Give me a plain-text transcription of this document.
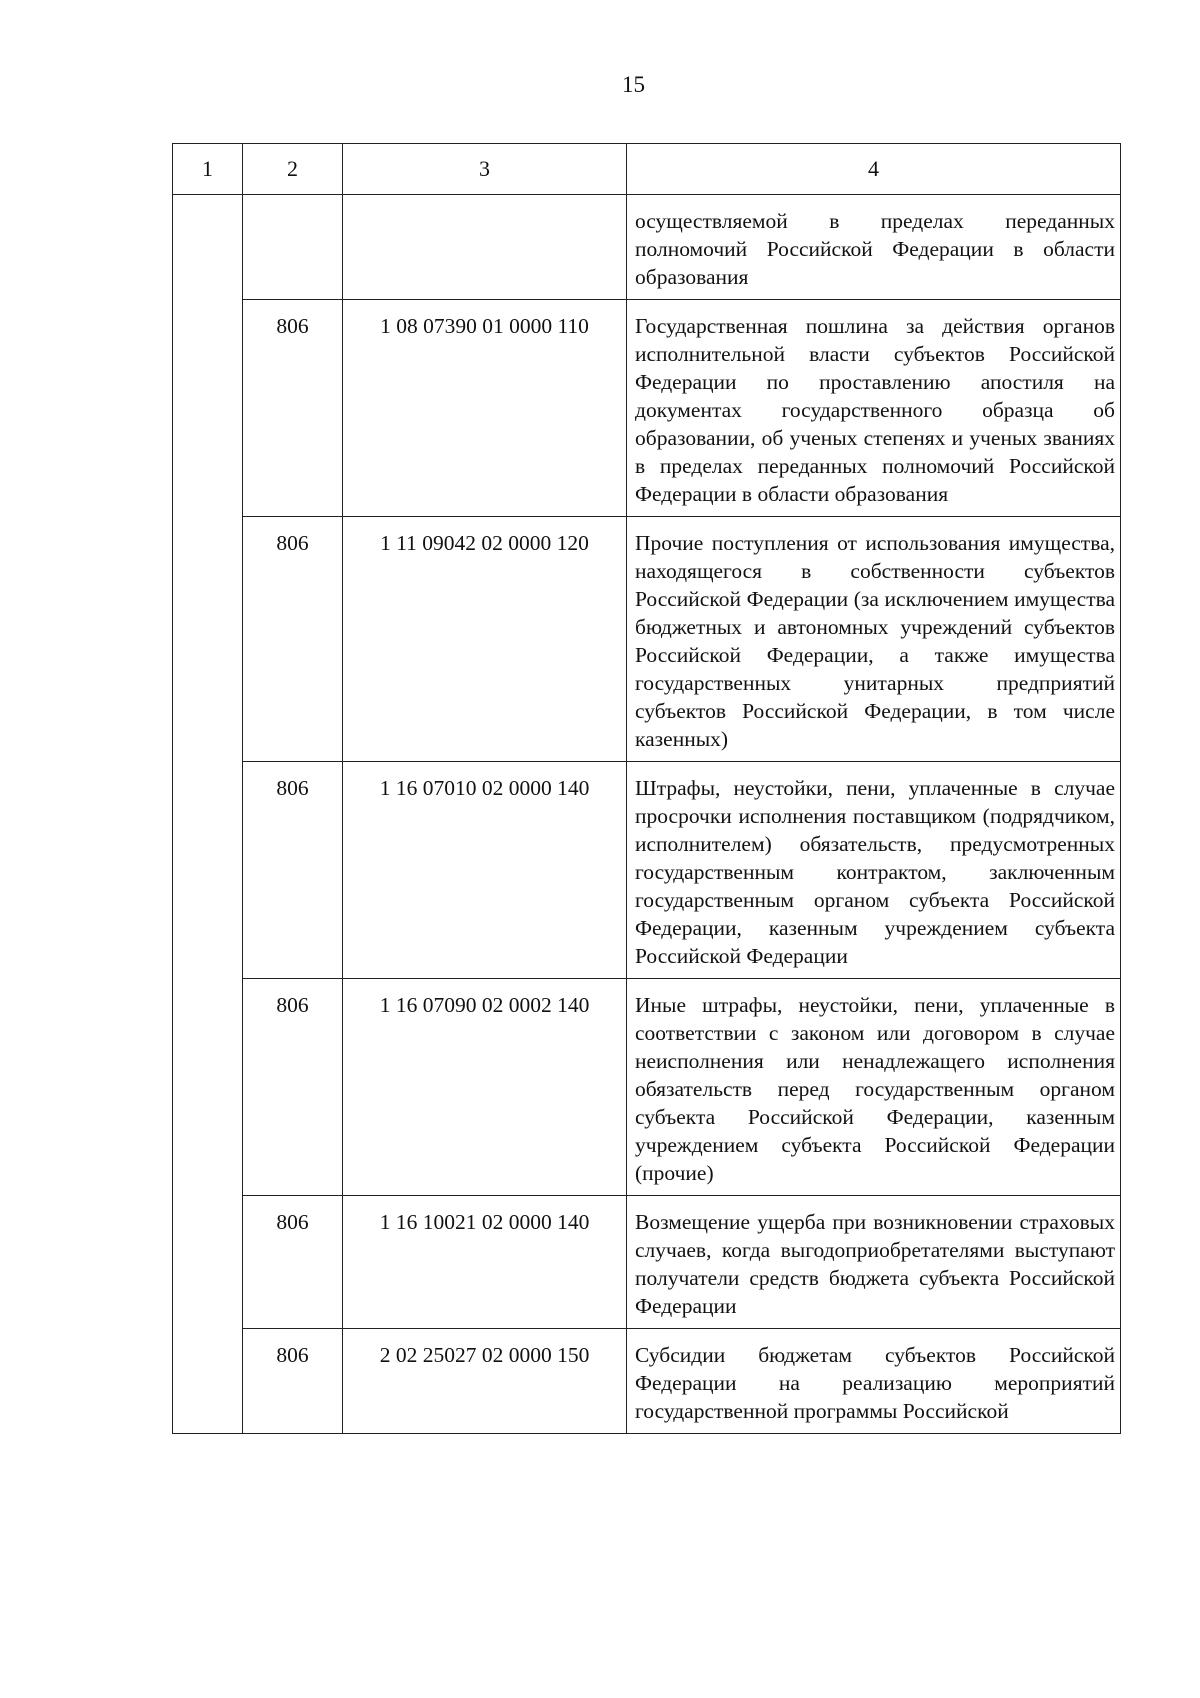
15
1	2	3	4
			осуществляемой в пределах переданных полномочий Российской Федерации в области образования
	806	1 08 07390 01 0000 110	Государственная пошлина за действия органов исполнительной власти субъектов Российской Федерации по проставлению апостиля на документах государственного образца об образовании, об ученых степенях и ученых званиях в пределах переданных полномочий Российской Федерации в области образования
	806	1 11 09042 02 0000 120	Прочие поступления от использования имущества, находящегося в собственности субъектов Российской Федерации (за исключением имущества бюджетных и автономных учреждений субъектов Российской Федерации, а также имущества государственных унитарных предприятий субъектов Российской Федерации, в том числе казенных)
	806	1 16 07010 02 0000 140	Штрафы, неустойки, пени, уплаченные в случае просрочки исполнения поставщиком (подрядчиком, исполнителем) обязательств, предусмотренных государственным контрактом, заключенным государственным органом субъекта Российской Федерации, казенным учреждением субъекта Российской Федерации
	806	1 16 07090 02 0002 140	Иные штрафы, неустойки, пени, уплаченные в соответствии с законом или договором в случае неисполнения или ненадлежащего исполнения обязательств перед государственным органом субъекта Российской Федерации, казенным учреждением субъекта Российской Федерации (прочие)
	806	1 16 10021 02 0000 140	Возмещение ущерба при возникновении страховых случаев, когда выгодоприобретателями выступают получатели средств бюджета субъекта Российской Федерации
	806	2 02 25027 02 0000 150	Субсидии бюджетам субъектов Российской Федерации на реализацию мероприятий государственной программы Российской
